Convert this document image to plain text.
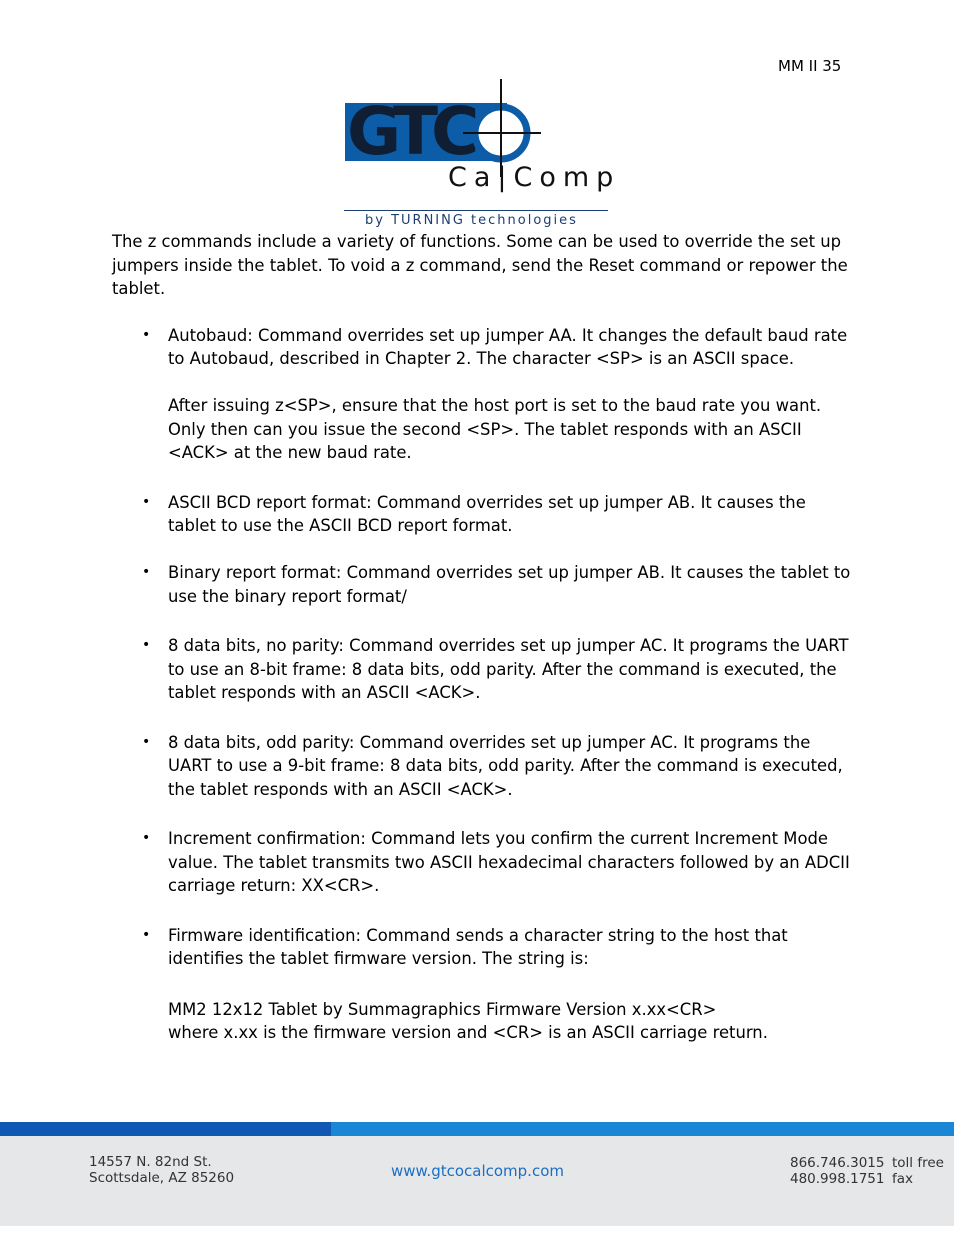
MM II 35
GTC
Ca|Comp
by TURNING technologies

The z commands include a variety of functions. Some can be used to override the set up jumpers inside the tablet. To void a z command, send the Reset command or repower the tablet.

• Autobaud: Command overrides set up jumper AA. It changes the default baud rate to Autobaud, described in Chapter 2. The character <SP> is an ASCII space.
After issuing z<SP>, ensure that the host port is set to the baud rate you want. Only then can you issue the second <SP>. The tablet responds with an ASCII <ACK> at the new baud rate.
• ASCII BCD report format: Command overrides set up jumper AB. It causes the tablet to use the ASCII BCD report format.
• Binary report format: Command overrides set up jumper AB. It causes the tablet to use the binary report format/
• 8 data bits, no parity: Command overrides set up jumper AC. It programs the UART to use an 8-bit frame: 8 data bits, odd parity. After the command is executed, the tablet responds with an ASCII <ACK>.
• 8 data bits, odd parity: Command overrides set up jumper AC. It programs the UART to use a 9-bit frame: 8 data bits, odd parity. After the command is executed, the tablet responds with an ASCII <ACK>.
• Increment confirmation: Command lets you confirm the current Increment Mode value. The tablet transmits two ASCII hexadecimal characters followed by an ADCII carriage return: XX<CR>.
• Firmware identification: Command sends a character string to the host that identifies the tablet firmware version. The string is:
MM2 12x12 Tablet by Summagraphics Firmware Version x.xx<CR>
where x.xx is the firmware version and <CR> is an ASCII carriage return.
14557 N. 82nd St.
Scottsdale, AZ 85260	www.gtcocalcomp.com	866.746.3015
480.998.1751
toll free
fax
